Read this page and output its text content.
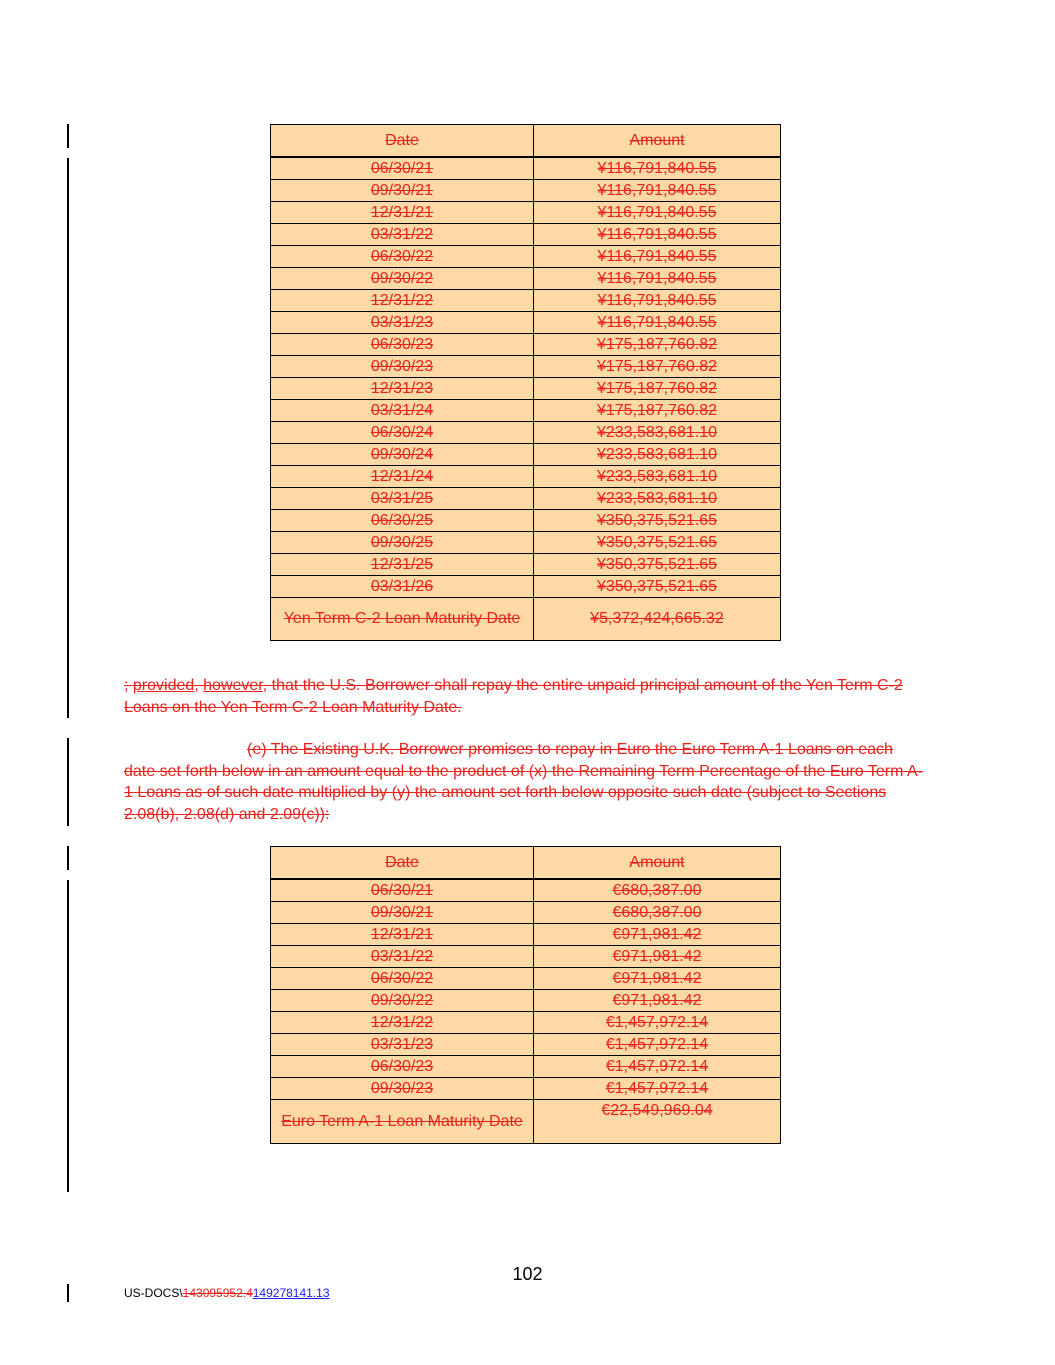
Date	Amount
06/30/21	¥116,791,840.55
09/30/21	¥116,791,840.55
12/31/21	¥116,791,840.55
03/31/22	¥116,791,840.55
06/30/22	¥116,791,840.55
09/30/22	¥116,791,840.55
12/31/22	¥116,791,840.55
03/31/23	¥116,791,840.55
06/30/23	¥175,187,760.82
09/30/23	¥175,187,760.82
12/31/23	¥175,187,760.82
03/31/24	¥175,187,760.82
06/30/24	¥233,583,681.10
09/30/24	¥233,583,681.10
12/31/24	¥233,583,681.10
03/31/25	¥233,583,681.10
06/30/25	¥350,375,521.65
09/30/25	¥350,375,521.65
12/31/25	¥350,375,521.65
03/31/26	¥350,375,521.65
Yen Term C-2 Loan Maturity Date	¥5,372,424,665.32
; provided, however, that the U.S. Borrower shall repay the entire unpaid principal amount of the Yen Term C-2 Loans on the Yen Term C-2 Loan Maturity Date.
(e) The Existing U.K. Borrower promises to repay in Euro the Euro Term A-1 Loans on each date set forth below in an amount equal to the product of (x) the Remaining Term Percentage of the Euro Term A-1 Loans as of such date multiplied by (y) the amount set forth below opposite such date (subject to Sections 2.08(b), 2.08(d) and 2.09(c)):
Date	Amount
06/30/21	€680,387.00
09/30/21	€680,387.00
12/31/21	€971,981.42
03/31/22	€971,981.42
06/30/22	€971,981.42
09/30/22	€971,981.42
12/31/22	€1,457,972.14
03/31/23	€1,457,972.14
06/30/23	€1,457,972.14
09/30/23	€1,457,972.14
Euro Term A-1 Loan Maturity Date	€22,549,969.04
102
US-DOCS\143095952.4149278141.13
